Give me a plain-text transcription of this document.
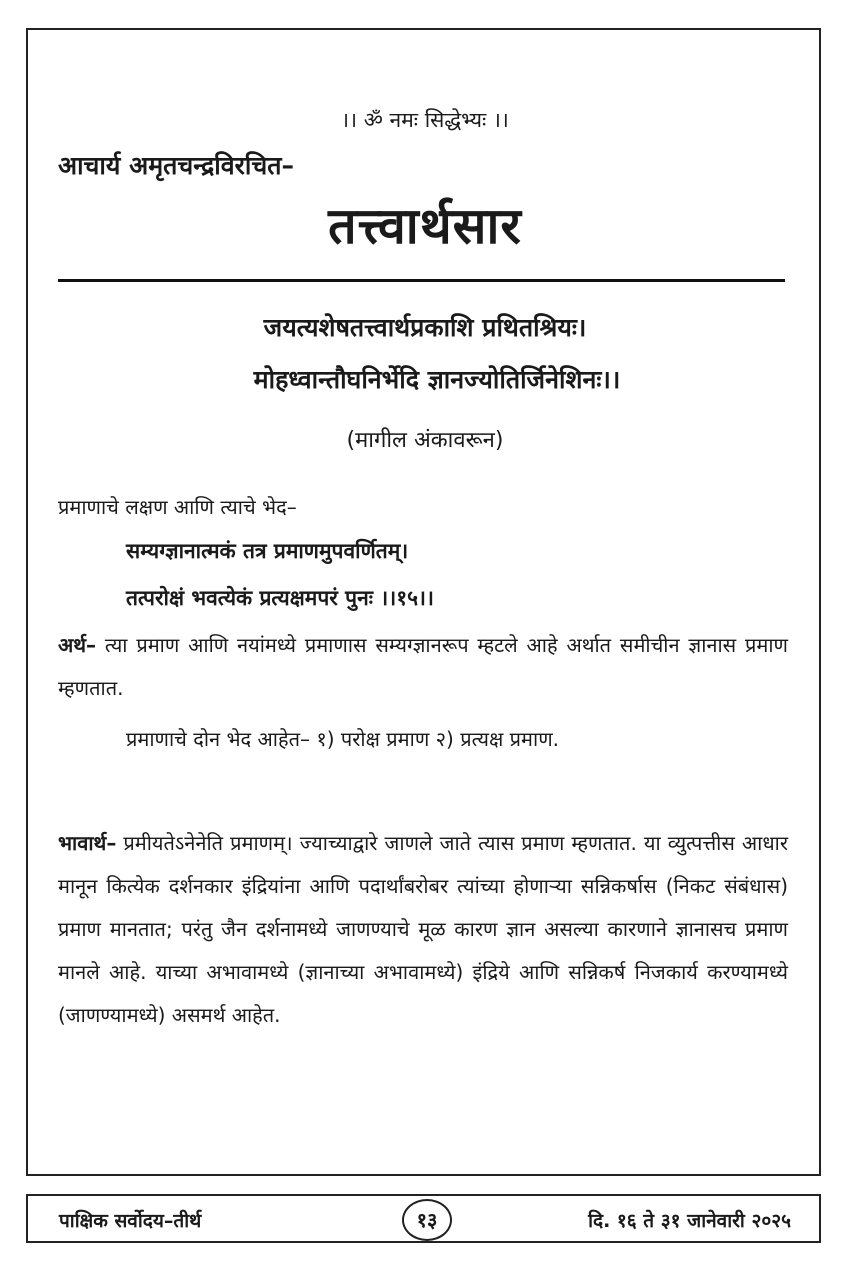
।। ॐ नमः सिद्धेभ्यः ।।
आचार्य अमृतचन्द्रविरचित–
तत्त्वार्थसार
जयत्यशेषतत्त्वार्थप्रकाशि प्रथितश्रियः।
मोहध्वान्तौघनिर्भेदि ज्ञानज्योतिर्जिनेशिनः।।
(मागील अंकावरून)
प्रमाणाचे लक्षण आणि त्याचे भेद–
सम्यग्ज्ञानात्मकं तत्र प्रमाणमुपवर्णितम्।
तत्परोक्षं भवत्येकं प्रत्यक्षमपरं पुनः ।।१५।।
अर्थ– त्या प्रमाण आणि नयांमध्ये प्रमाणास सम्यग्ज्ञानरूप म्हटले आहे अर्थात समीचीन ज्ञानास प्रमाण म्हणतात.
प्रमाणाचे दोन भेद आहेत– १) परोक्ष प्रमाण २) प्रत्यक्ष प्रमाण.
भावार्थ– प्रमीयतेऽनेनेति प्रमाणम्। ज्याच्याद्वारे जाणले जाते त्यास प्रमाण म्हणतात. या व्युत्पत्तीस आधार मानून कित्येक दर्शनकार इंद्रियांना आणि पदार्थांबरोबर त्यांच्या होणाऱ्या सन्निकर्षास (निकट संबंधास) प्रमाण मानतात; परंतु जैन दर्शनामध्ये जाणण्याचे मूळ कारण ज्ञान असल्या कारणाने ज्ञानासच प्रमाण मानले आहे. याच्या अभावामध्ये (ज्ञानाच्या अभावामध्ये) इंद्रिये आणि सन्निकर्ष निजकार्य करण्यामध्ये (जाणण्यामध्ये) असमर्थ आहेत.
पाक्षिक सर्वोदय–तीर्थ	१३	दि. १६ ते ३१ जानेवारी २०२५
